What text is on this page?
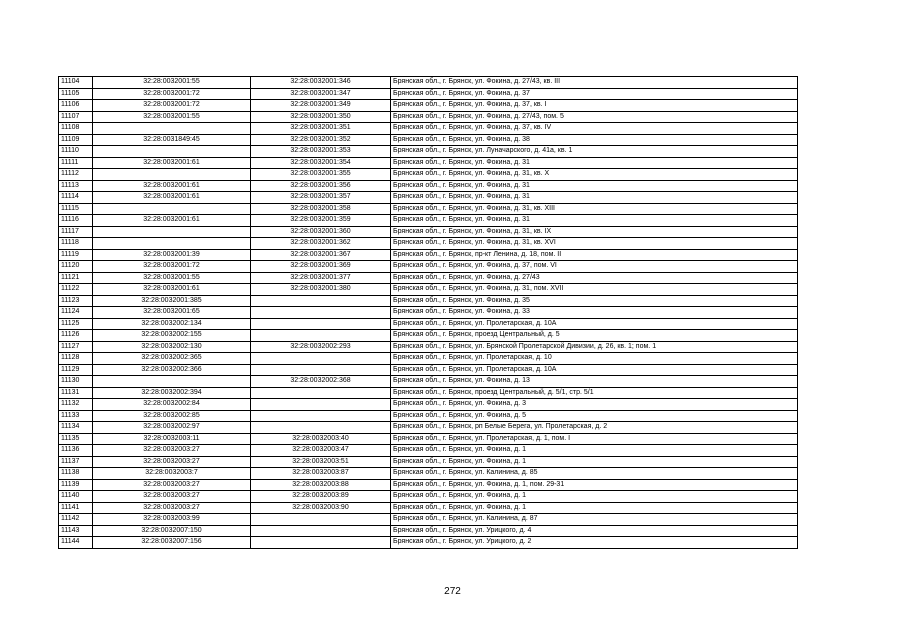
11104	32:28:0032001:55	32:28:0032001:346	Брянская обл., г. Брянск, ул. Фокина, д. 27/43, кв. III
11105	32:28:0032001:72	32:28:0032001:347	Брянская обл., г. Брянск, ул. Фокина, д. 37
11106	32:28:0032001:72	32:28:0032001:349	Брянская обл., г. Брянск, ул. Фокина, д. 37, кв. I
11107	32:28:0032001:55	32:28:0032001:350	Брянская обл., г. Брянск, ул. Фокина, д. 27/43, пом. 5
11108		32:28:0032001:351	Брянская обл., г. Брянск, ул. Фокина, д. 37, кв. IV
11109	32:28:0031849:45	32:28:0032001:352	Брянская обл., г. Брянск, ул. Фокина, д. 38
11110		32:28:0032001:353	Брянская обл., г. Брянск, ул. Луначарского, д. 41а, кв. 1
11111	32:28:0032001:61	32:28:0032001:354	Брянская обл., г. Брянск, ул. Фокина, д. 31
11112		32:28:0032001:355	Брянская обл., г. Брянск, ул. Фокина, д. 31, кв. Х
11113	32:28:0032001:61	32:28:0032001:356	Брянская обл., г. Брянск, ул. Фокина, д. 31
11114	32:28:0032001:61	32:28:0032001:357	Брянская обл., г. Брянск, ул. Фокина, д. 31
11115		32:28:0032001:358	Брянская обл., г. Брянск, ул. Фокина, д. 31, кв. XIII
11116	32:28:0032001:61	32:28:0032001:359	Брянская обл., г. Брянск, ул. Фокина, д. 31
11117		32:28:0032001:360	Брянская обл., г. Брянск, ул. Фокина, д. 31, кв. IX
11118		32:28:0032001:362	Брянская обл., г. Брянск, ул. Фокина, д. 31, кв. XVI
11119	32:28:0032001:39	32:28:0032001:367	Брянская обл., г. Брянск, пр-кт Ленина, д. 18, пом. II
11120	32:28:0032001:72	32:28:0032001:369	Брянская обл., г. Брянск, ул. Фокина, д. 37, пом. VI
11121	32:28:0032001:55	32:28:0032001:377	Брянская обл., г. Брянск, ул. Фокина, д. 27/43
11122	32:28:0032001:61	32:28:0032001:380	Брянская обл., г. Брянск, ул. Фокина, д. 31, пом. XVII
11123	32:28:0032001:385		Брянская обл., г. Брянск, ул. Фокина, д. 35
11124	32:28:0032001:65		Брянская обл., г. Брянск, ул. Фокина, д. 33
11125	32:28:0032002:134		Брянская обл., г. Брянск, ул. Пролетарская, д. 10А
11126	32:28:0032002:155		Брянская обл., г. Брянск, проезд Центральный, д. 5
11127	32:28:0032002:130	32:28:0032002:293	Брянская обл., г. Брянск, ул. Брянской Пролетарской Дивизии, д. 26, кв. 1; пом. 1
11128	32:28:0032002:365		Брянская обл., г. Брянск, ул. Пролетарская, д. 10
11129	32:28:0032002:366		Брянская обл., г. Брянск, ул. Пролетарская, д. 10А
11130		32:28:0032002:368	Брянская обл., г. Брянск, ул. Фокина, д. 13
11131	32:28:0032002:394		Брянская обл., г. Брянск, проезд Центральный, д. 5/1, стр. 5/1
11132	32:28:0032002:84		Брянская обл., г. Брянск, ул. Фокина, д. 3
11133	32:28:0032002:85		Брянская обл., г. Брянск, ул. Фокина, д. 5
11134	32:28:0032002:97		Брянская обл., г. Брянск, рп Белые Берега, ул. Пролетарская, д. 2
11135	32:28:0032003:11	32:28:0032003:40	Брянская обл., г. Брянск, ул. Пролетарская, д. 1, пом. I
11136	32:28:0032003:27	32:28:0032003:47	Брянская обл., г. Брянск, ул. Фокина, д. 1
11137	32:28:0032003:27	32:28:0032003:51	Брянская обл., г. Брянск, ул. Фокина, д. 1
11138	32:28:0032003:7	32:28:0032003:87	Брянская обл., г. Брянск, ул. Калинина, д. 85
11139	32:28:0032003:27	32:28:0032003:88	Брянская обл., г. Брянск, ул. Фокина, д. 1, пом. 29-31
11140	32:28:0032003:27	32:28:0032003:89	Брянская обл., г. Брянск, ул. Фокина, д. 1
11141	32:28:0032003:27	32:28:0032003:90	Брянская обл., г. Брянск, ул. Фокина, д. 1
11142	32:28:0032003:99		Брянская обл., г. Брянск, ул. Калинина, д. 87
11143	32:28:0032007:150		Брянская обл., г. Брянск, ул. Урицкого, д. 4
11144	32:28:0032007:156		Брянская обл., г. Брянск, ул. Урицкого, д. 2
272
